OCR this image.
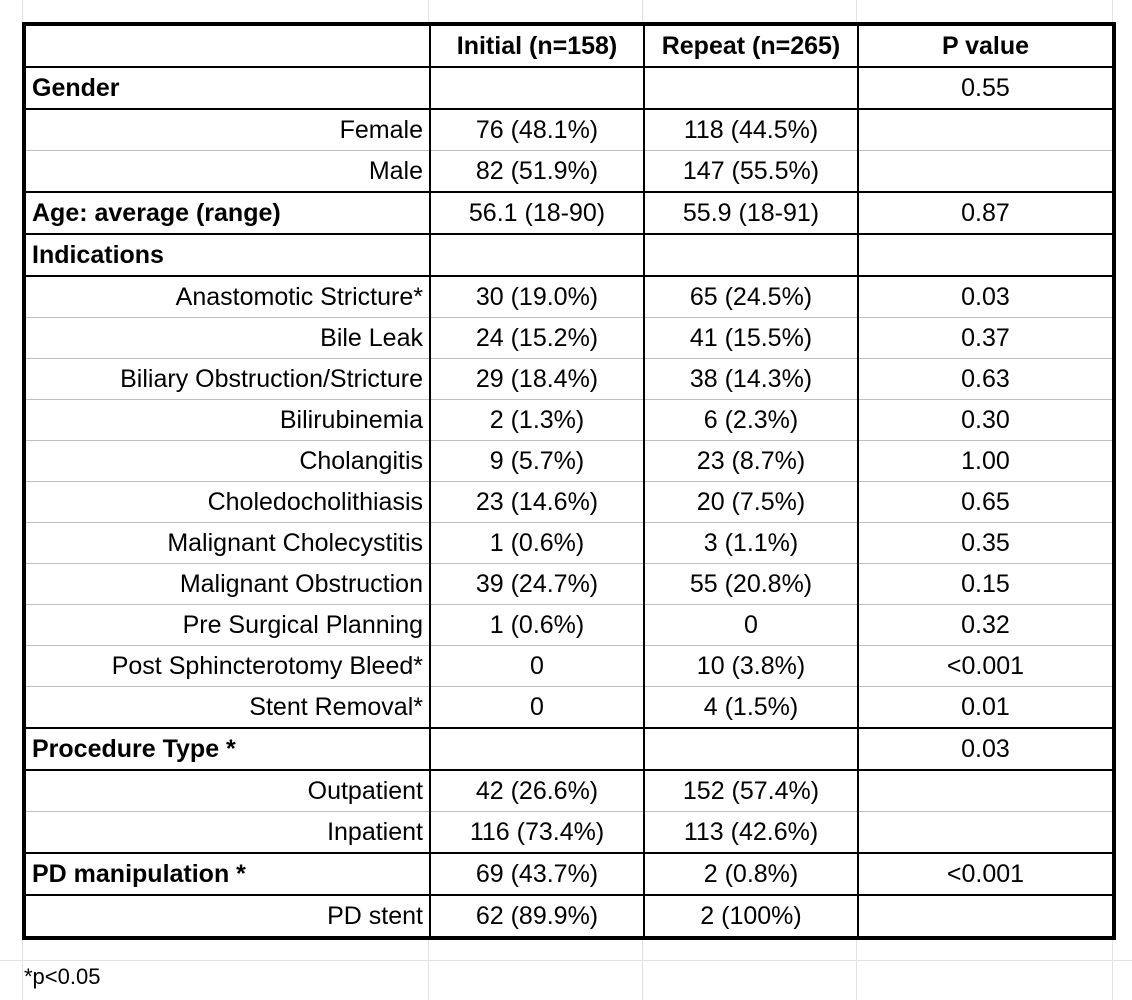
	Initial (n=158)	Repeat (n=265)	P value
Gender			0.55
Female	76 (48.1%)	118 (44.5%)	
Male	82 (51.9%)	147 (55.5%)	
Age: average (range)	56.1 (18-90)	55.9 (18-91)	0.87
Indications			
Anastomotic Stricture*	30 (19.0%)	65 (24.5%)	0.03
Bile Leak	24 (15.2%)	41 (15.5%)	0.37
Biliary Obstruction/Stricture	29 (18.4%)	38 (14.3%)	0.63
Bilirubinemia	2 (1.3%)	6 (2.3%)	0.30
Cholangitis	9 (5.7%)	23 (8.7%)	1.00
Choledocholithiasis	23 (14.6%)	20 (7.5%)	0.65
Malignant Cholecystitis	1 (0.6%)	3 (1.1%)	0.35
Malignant Obstruction	39 (24.7%)	55 (20.8%)	0.15
Pre Surgical Planning	1 (0.6%)	0	0.32
Post Sphincterotomy Bleed*	0	10 (3.8%)	<0.001
Stent Removal*	0	4 (1.5%)	0.01
Procedure Type *			0.03
Outpatient	42 (26.6%)	152 (57.4%)	
Inpatient	116 (73.4%)	113 (42.6%)	
PD manipulation *	69 (43.7%)	2 (0.8%)	<0.001
PD stent	62 (89.9%)	2 (100%)	
*p<0.05
